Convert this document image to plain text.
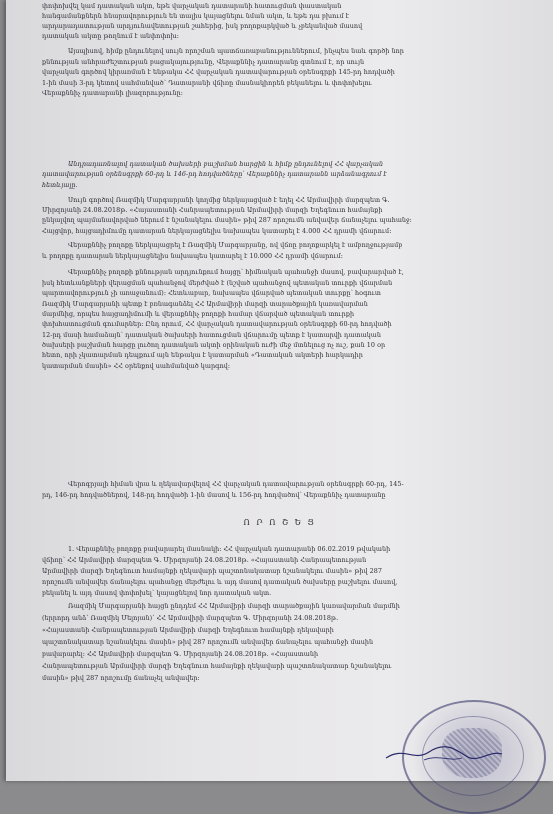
փոփոխվել կամ դատական ակտ, եթե վարչական դատարանի հատուցման փաստական
հանգամանքներն հնարավորություն են տալիս կայացնելու նման ակտ, և եթե դա բխում է
արդարադատության արդյունավետության շահերից, իսկ բողոքարկված և չբեկանված մասով
դատական ակտը թողնում է անփոփոխ:
Այսպիսով, հիմք ընդունելով սույն որոշման պատճառաբանություններում, ինչպես նաև գործի նոր
քննության անհրաժեշտության բացակայությունը, Վերաքննիչ դատարանը գտնում է, որ սույն
վարչական գործով կիրառման է ենթակա ՀՀ վարչական դատավարության օրենսգրքի 145-րդ հոդվածի
1-ին մասի 3-րդ կետով սահմանված՝ Դատարանի վճիռը մասնակիորեն բեկանելու և փոփոխելու
Վերաքննիչ դատարանի լիազորությունը:
Անդրադառնալով դատական ծախսերի բաշխման հարցին և հիմք ընդունելով ՀՀ վարչական
դատավարության օրենսգրքի 60-րդ և 146-րդ հոդվածները՝ Վերաքննիչ դատարանն արձանագրում է
հետևյալը.
Սույն գործով Ռազմիկ Մարգարյանի կողմից ներկայացված է եղել ՀՀ Արմավիրի մարզպետ Գ.
Միրզոյանի 24.08.2018թ. «Հայաստանի Հանրապետության Արմավիրի մարզի Եղեգնուտ համայնքի
ընկալվող պայմանավորված ներում է նշանակելու մասին» թիվ 287 որոշումն անվավեր ճանաչելու պահանջ:
Հայցվոր, հայցադիմումը դատարան ներկայացնելիս նախապես կատարել է 4.000 ՀՀ դրամի վճարում:
Վերաքննիչ բողոքը ներկայացրել է Ռազմիկ Մարգարյանը, ով վճռը բողոքարկել է ամբողջությամբ
և բողոքը դատարան ներկայացնելիս նախապես կատարել է 10.000 ՀՀ դրամի վճարում:
Վերաքննիչ բողոքի քննության արդյունքում հայցը՝ հիմնական պահանջի մասով, բավարարված է,
իսկ հետևանքների վերացման պահանջով մերժված է (նշված պահանջով պետական տուրքի վճարման
պարտավորություն չի առաջանում): Հետևաբար, նախապես վճարված պետական տուրքը՝ հօգուտ
Ռազմիկ Մարգարյանի պետք է բռնագանձել ՀՀ Արմավիրի մարզի տարածքային կառավարման
մարմնից, որպես հայցադիմումի և վերաքննիչ բողոքի համար վճարված պետական տուրքի
փոխհատուցման գումարներ: Ընդ որում, ՀՀ վարչական դատավարության օրենսգրքի 60-րդ հոդվածի
12-րդ մասի համաձայն՝ դատական ծախսերի հատուցման վճարումը պետք է կատարվի դատական
ծախսերի բաշխման հարցը լուծող դատական ակտի օրինական ուժի մեջ մտնելուց ոչ ուշ, քան 10 օր
հետո, որի չկատարման դեպքում այն ենթակա է կատարման «Դատական ակտերի հարկադիր
կատարման մասին» ՀՀ օրենքով սահմանված կարգով:
Վերոգրյալի հիման վրա և ղեկավարվելով ՀՀ վարչական դատավարության օրենսգրքի 60-րդ, 145-
րդ, 146-րդ հոդվածներով, 148-րդ հոդվածի 1-ին մասով և 156-րդ հոդվածով՝ Վերաքննիչ դատարանը
Ո Ր Ո Շ Ե Ց
1. Վերաքննիչ բողոքը բավարարել մասնակի: ՀՀ վարչական դատարանի 06.02.2019 թվականի
վճիռը՝ ՀՀ Արմավիրի մարզպետ Գ. Միրզոյանի 24.08.2018թ. «Հայաստանի Հանրապետության
Արմավիրի մարզի Եղեգնուտ համայնքի ղեկավարի պաշտոնակատար նշանակելու մասին» թիվ 287
որոշումն անվավեր ճանաչելու պահանջը մերժելու և այդ մասով դատական ծախսերը բաշխելու մասով,
բեկանել և այդ մասով փոփոխել՝ կայացնելով նոր դատական ակտ.
Ռազմիկ Մարգարյանի հայցն ընդդեմ ՀՀ Արմավիրի մարզի տարածքային կառավարման մարմնի
(երրորդ անձ՝ Ռազմիկ Մելոյան)՝ ՀՀ Արմավիրի մարզպետ Գ. Միրզոյանի 24.08.2018թ.
«Հայաստանի Հանրապետության Արմավիրի մարզի Եղեգնուտ համայնքի ղեկավարի
պաշտոնակատար նշանակելու մասին» թիվ 287 որոշումն անվավեր ճանաչելու պահանջի մասին
բավարարել: ՀՀ Արմավիրի մարզպետ Գ. Միրզոյանի 24.08.2018թ. «Հայաստանի
Հանրապետության Արմավիրի մարզի Եղեգնուտ համայնքի ղեկավարի պաշտոնակատար նշանակելու
մասին» թիվ 287 որոշումը ճանաչել անվավեր:
